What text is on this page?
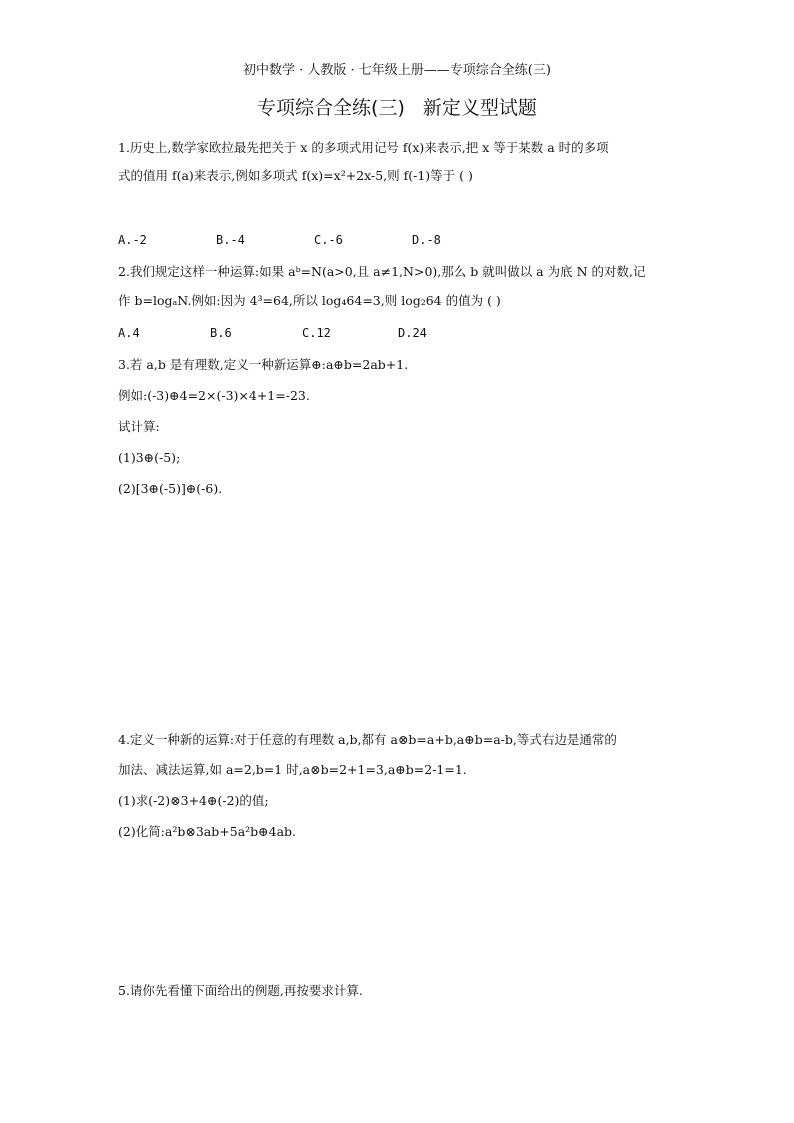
初中数学 · 人教版 · 七年级上册——专项综合全练(三)
专项综合全练(三) 新定义型试题
1.历史上,数学家欧拉最先把关于 x 的多项式用记号 f(x)来表示,把 x 等于某数 a 时的多项
式的值用 f(a)来表示,例如多项式 f(x)=x²+2x-5,则 f(-1)等于 ( )
A.-2	B.-4	C.-6	D.-8
2.我们规定这样一种运算:如果 aᵇ=N(a>0,且 a≠1,N>0),那么 b 就叫做以 a 为底 N 的对数,记
作 b=logₐN.例如:因为 4³=64,所以 log₄64=3,则 log₂64 的值为 ( )
A.4	B.6	C.12	D.24
3.若 a,b 是有理数,定义一种新运算⊕:a⊕b=2ab+1.
例如:(-3)⊕4=2×(-3)×4+1=-23.
试计算:
(1)3⊕(-5);
(2)[3⊕(-5)]⊕(-6).
4.定义一种新的运算:对于任意的有理数 a,b,都有 a⊗b=a+b,a⊕b=a-b,等式右边是通常的
加法、减法运算,如 a=2,b=1 时,a⊗b=2+1=3,a⊕b=2-1=1.
(1)求(-2)⊗3+4⊕(-2)的值;
(2)化简:a²b⊗3ab+5a²b⊕4ab.
5.请你先看懂下面给出的例题,再按要求计算.
